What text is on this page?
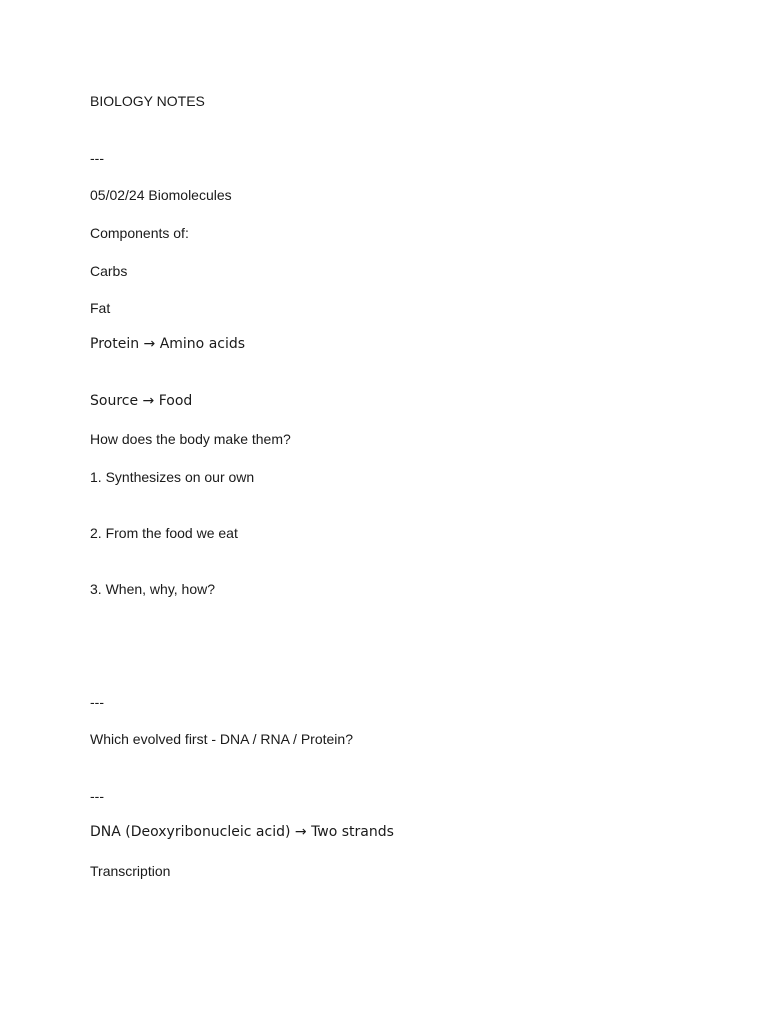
BIOLOGY NOTES

---

05/02/24 Biomolecules

Components of:

Carbs

Fat

Protein → Amino acids

Source → Food

How does the body make them?

1. Synthesizes on our own

2. From the food we eat

3. When, why, how?

---

Which evolved first - DNA / RNA / Protein?

---

DNA (Deoxyribonucleic acid) → Two strands

Transcription
